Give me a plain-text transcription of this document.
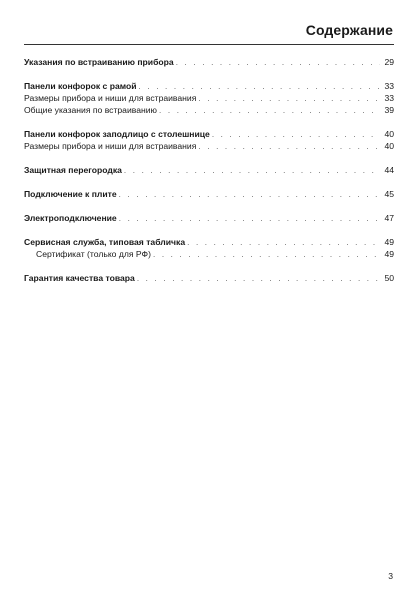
Содержание
Указания по встраиванию прибора . . .	29
Панели конфорок с рамой . . .	33
Размеры прибора и ниши для встраивания . . .	33
Общие указания по встраиванию . . .	39
Панели конфорок заподлицо с столешнице . . .	40
Размеры прибора и ниши для встраивания . . .	40
Защитная перегородка . . .	44
Подключение к плите . . .	45
Электроподключение . . .	47
Сервисная служба, типовая табличка . . .	49
Сертификат (только для РФ) . . .	49
Гарантия качества товара . . .	50
3
